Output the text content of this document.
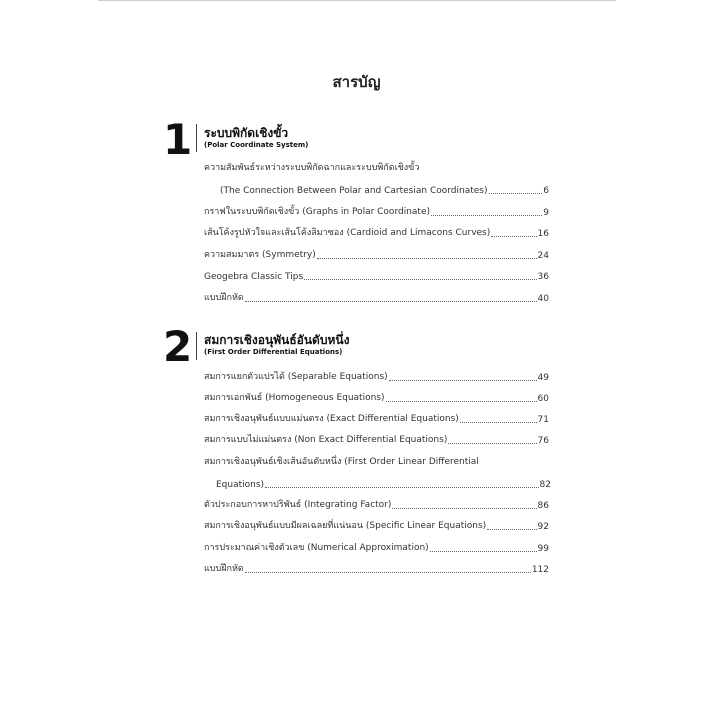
สารบัญ
1 ระบบพิกัดเชิงขั้ว
(Polar Coordinate System)
ความสัมพันธ์ระหว่างระบบพิกัดฉากและระบบพิกัดเชิงขั้ว
(The Connection Between Polar and Cartesian Coordinates)	6
กราฟในระบบพิกัดเชิงขั้ว (Graphs in Polar Coordinate)	9
เส้นโค้งรูปหัวใจและเส้นโค้งลิมาซอง (Cardioid and Limacons Curves)	16
ความสมมาตร (Symmetry)	24
Geogebra Classic Tips	36
แบบฝึกหัด	40
2 สมการเชิงอนุพันธ์อันดับหนึ่ง
(First Order Differential Equations)
สมการแยกตัวแปรได้ (Separable Equations)	49
สมการเอกพันธ์ (Homogeneous Equations)	60
สมการเชิงอนุพันธ์แบบแม่นตรง (Exact Differential Equations)	71
สมการแบบไม่แม่นตรง (Non Exact Differential Equations)	76
สมการเชิงอนุพันธ์เชิงเส้นอันดับหนึ่ง (First Order Linear Differential
Equations)	82
ตัวประกอบการหาปริพันธ์ (Integrating Factor)	86
สมการเชิงอนุพันธ์แบบมีผลเฉลยที่แน่นอน (Specific Linear Equations)	92
การประมาณค่าเชิงตัวเลข (Numerical Approximation)	99
แบบฝึกหัด	112
